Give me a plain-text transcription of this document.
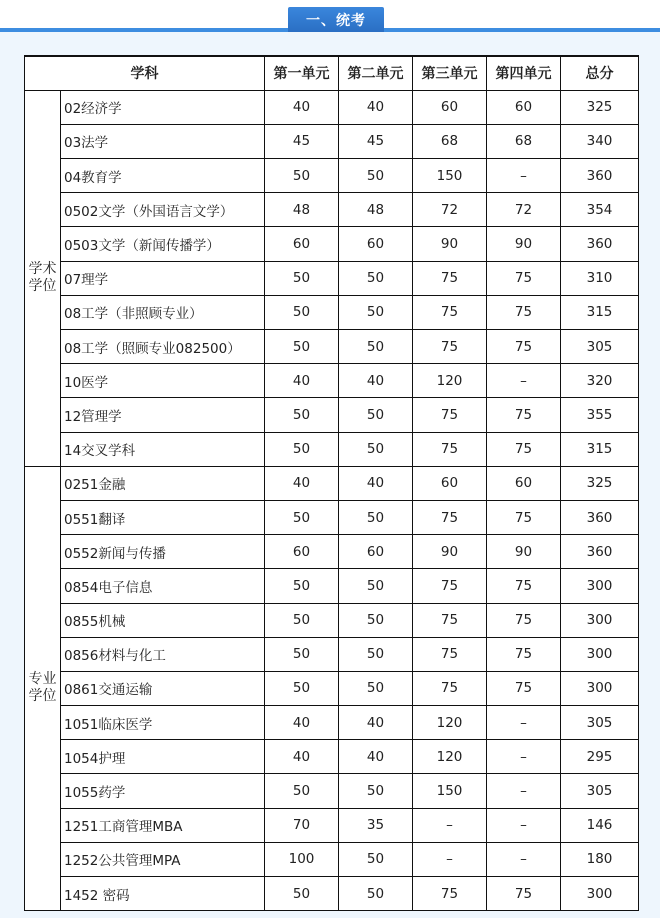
一、统考
学科		第一单元	第二单元	第三单元	第四单元	总分
学术学位	02经济学	40	40	60	60	325
	03法学	45	45	68	68	340
	04教育学	50	50	150	–	360
	0502文学（外国语言文学）	48	48	72	72	354
	0503文学（新闻传播学）	60	60	90	90	360
	07理学	50	50	75	75	310
	08工学（非照顾专业）	50	50	75	75	315
	08工学（照顾专业082500）	50	50	75	75	305
	10医学	40	40	120	–	320
	12管理学	50	50	75	75	355
	14交叉学科	50	50	75	75	315
专业学位	0251金融	40	40	60	60	325
	0551翻译	50	50	75	75	360
	0552新闻与传播	60	60	90	90	360
	0854电子信息	50	50	75	75	300
	0855机械	50	50	75	75	300
	0856材料与化工	50	50	75	75	300
	0861交通运输	50	50	75	75	300
	1051临床医学	40	40	120	–	305
	1054护理	40	40	120	–	295
	1055药学	50	50	150	–	305
	1251工商管理MBA	70	35	–	–	146
	1252公共管理MPA	100	50	–	–	180
	1452 密码	50	50	75	75	300
